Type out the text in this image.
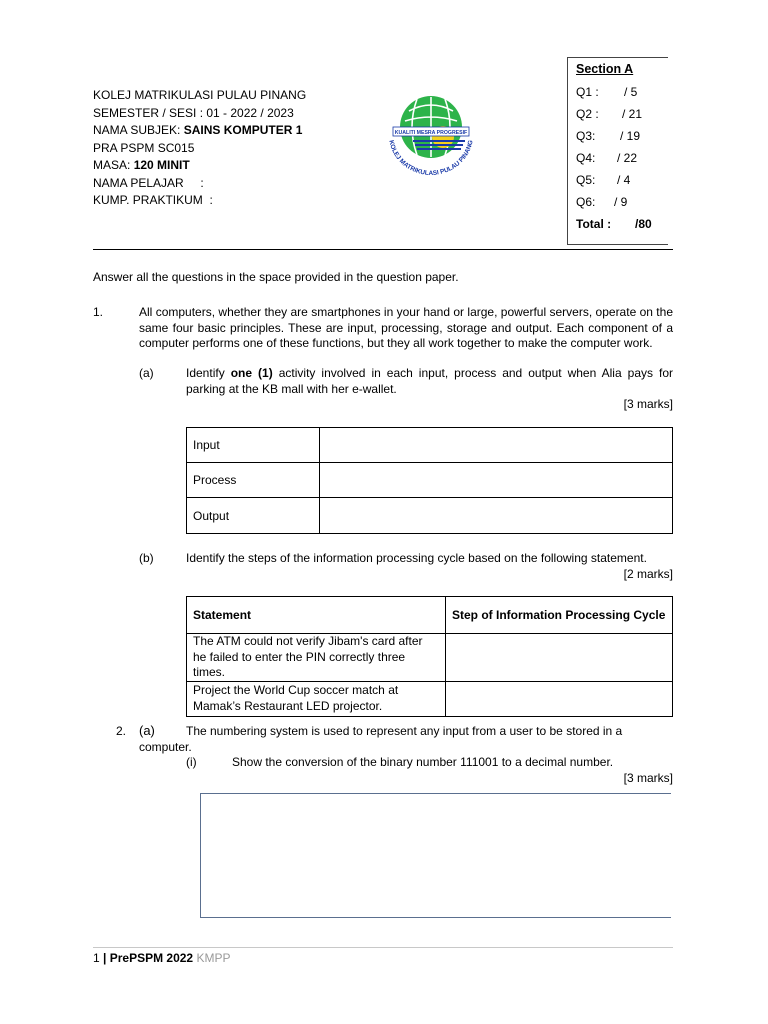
KOLEJ MATRIKULASI PULAU PINANG
SEMESTER / SESI : 01 - 2022 / 2023
NAMA SUBJEK: SAINS KOMPUTER 1
PRA PSPM SC015
MASA: 120 MINIT
NAMA PELAJAR     :
KUMP. PRAKTIKUM  :
KUALITI MESRA PROGRESIF
KOLEJ MATRIKULASI PULAU PINANG
Section A
Q1 : / 5
Q2 : / 21
Q3: / 19
Q4: / 22
Q5: / 4
Q6: / 9
Total : /80
Answer all the questions in the space provided in the question paper.
1.	All computers, whether they are smartphones in your hand or large, powerful servers, operate on the same four basic principles. These are input, processing, storage and output. Each component of a computer performs one of these functions, but they all work together to make the computer work.
(a)	Identify one (1) activity involved in each input, process and output when Alia pays for parking at the KB mall with her e-wallet.
[3 marks]
Input	
Process	
Output	
(b)	Identify the steps of the information processing cycle based on the following statement.
[2 marks]
Statement	Step of Information Processing Cycle
The ATM could not verify Jibam's card after he failed to enter the PIN correctly three times.	
Project the World Cup soccer match at Mamak’s Restaurant LED projector.	
2. (a)	The numbering system is used to represent any input from a user to be stored in a
computer.
(i)	Show the conversion of the binary number 111001 to a decimal number.
[3 marks]
1 | PrePSPM 2022 KMPP
